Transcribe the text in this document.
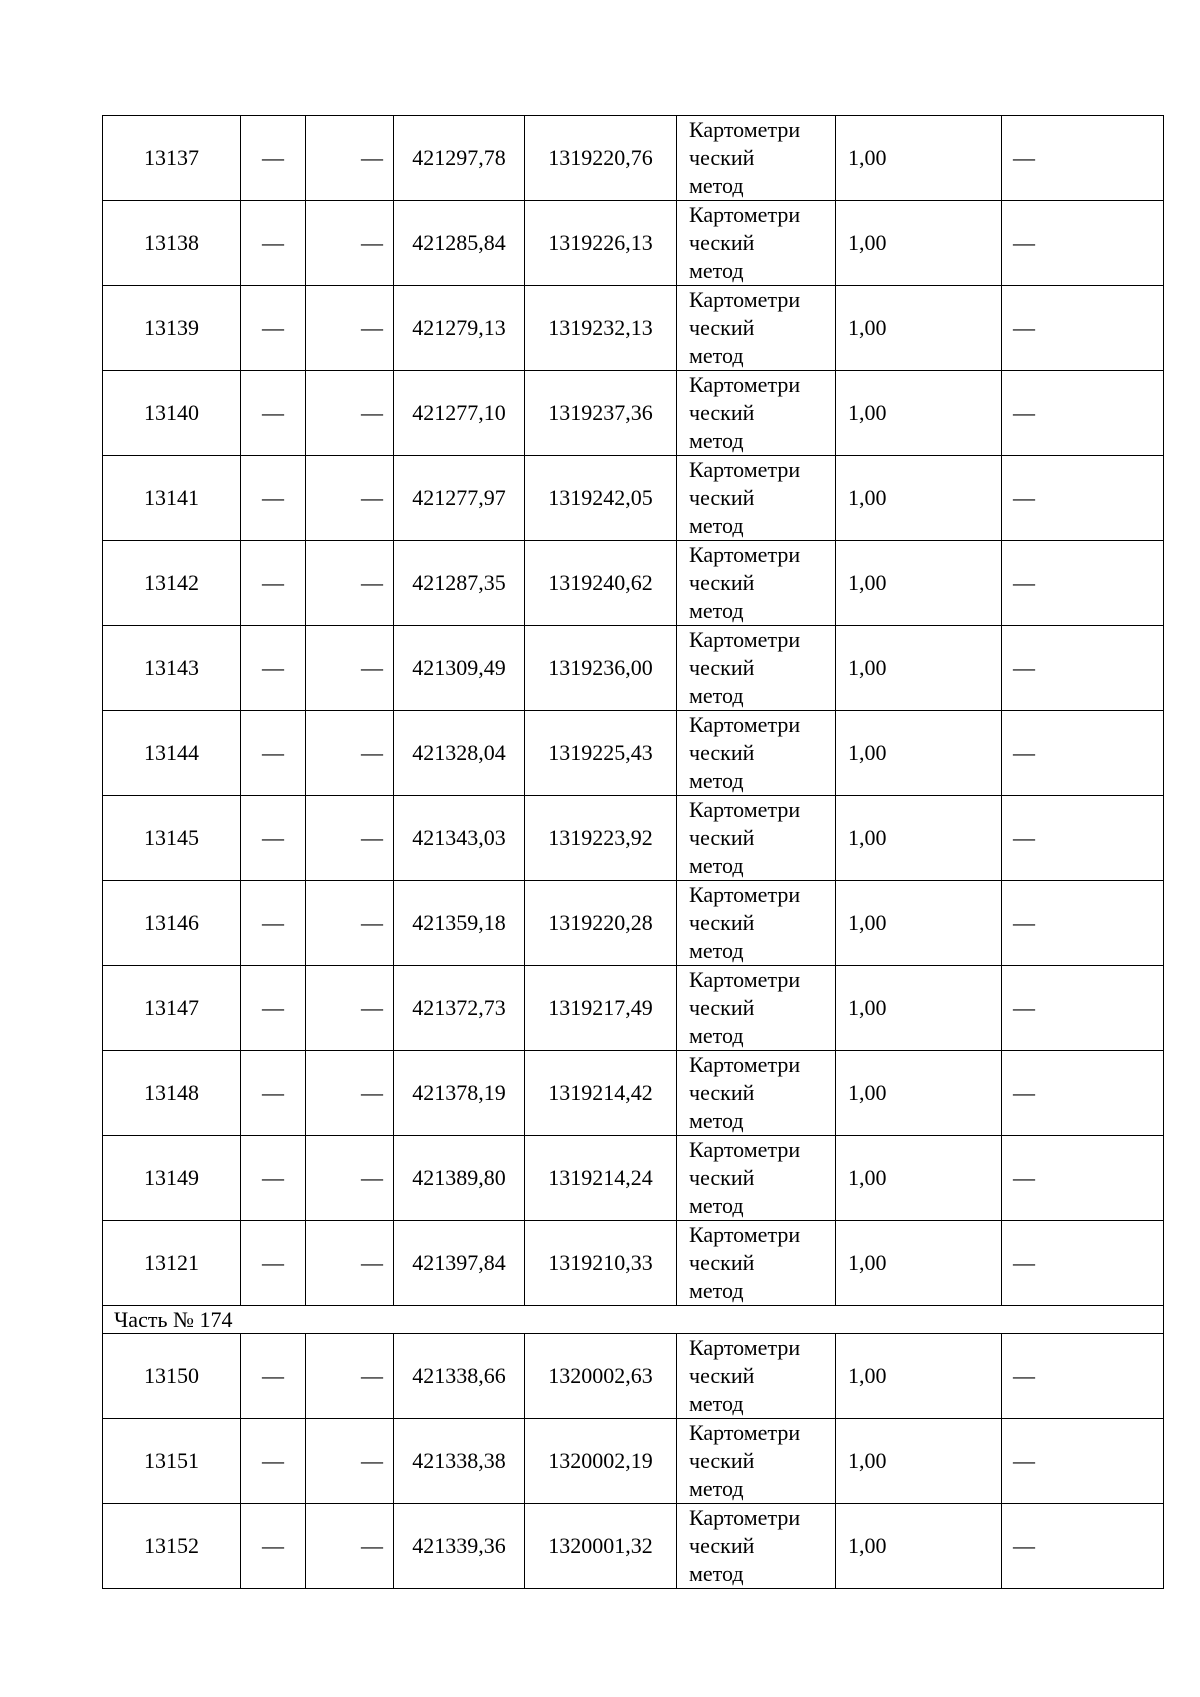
13137	—	—	421297,78	1319220,76	Картометри
ческий
метод	1,00	—
13138	—	—	421285,84	1319226,13	Картометри
ческий
метод	1,00	—
13139	—	—	421279,13	1319232,13	Картометри
ческий
метод	1,00	—
13140	—	—	421277,10	1319237,36	Картометри
ческий
метод	1,00	—
13141	—	—	421277,97	1319242,05	Картометри
ческий
метод	1,00	—
13142	—	—	421287,35	1319240,62	Картометри
ческий
метод	1,00	—
13143	—	—	421309,49	1319236,00	Картометри
ческий
метод	1,00	—
13144	—	—	421328,04	1319225,43	Картометри
ческий
метод	1,00	—
13145	—	—	421343,03	1319223,92	Картометри
ческий
метод	1,00	—
13146	—	—	421359,18	1319220,28	Картометри
ческий
метод	1,00	—
13147	—	—	421372,73	1319217,49	Картометри
ческий
метод	1,00	—
13148	—	—	421378,19	1319214,42	Картометри
ческий
метод	1,00	—
13149	—	—	421389,80	1319214,24	Картометри
ческий
метод	1,00	—
13121	—	—	421397,84	1319210,33	Картометри
ческий
метод	1,00	—
Часть № 174							
13150	—	—	421338,66	1320002,63	Картометри
ческий
метод	1,00	—
13151	—	—	421338,38	1320002,19	Картометри
ческий
метод	1,00	—
13152	—	—	421339,36	1320001,32	Картометри
ческий
метод	1,00	—
